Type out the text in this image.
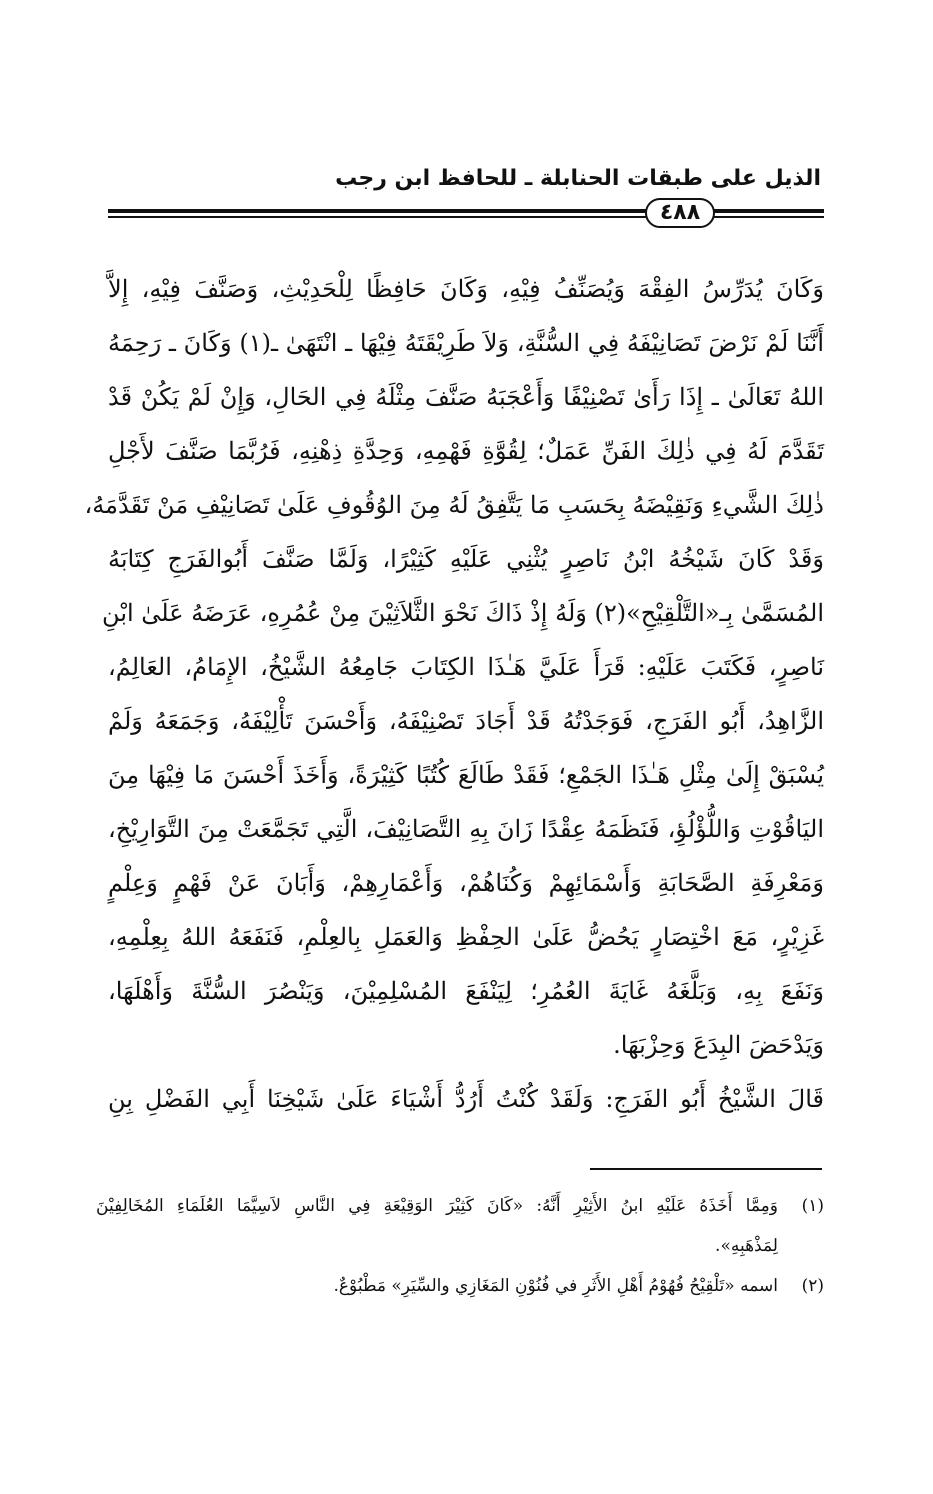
الذيل على طبقات الحنابلة ـ للحافظ ابن رجب
٤٨٨
وَكَانَ يُدَرِّسُ الفِقْهَ وَيُصَنِّفُ فِيْهِ، وَكَانَ حَافِظًا لِلْحَدِيْثِ، وَصَنَّفَ فِيْهِ، إِلاَّ
أَنَّنَا لَمْ نَرْضَ تَصَانِيْفَهُ فِي السُّنَّةِ، وَلاَ طَرِيْقَتَهُ فِيْهَا ـ انْتَهَىٰ ـ(١) وَكَانَ ـ رَحِمَهُ
اللهُ تَعَالَىٰ ـ إِذَا رَأَىٰ تَصْنِيْفًا وَأَعْجَبَهُ صَنَّفَ مِثْلَهُ فِي الحَالِ، وَإِنْ لَمْ يَكُنْ قَدْ
تَقَدَّمَ لَهُ فِي ذٰلِكَ الفَنِّ عَمَلٌ؛ لِقُوَّةِ فَهْمِهِ، وَحِدَّةِ ذِهْنِهِ، فَرُبَّمَا صَنَّفَ لأَجْلِ
ذٰلِكَ الشَّيءِ وَنَقِيْضَهُ بِحَسَبِ مَا يَتَّفِقُ لَهُ مِنَ الوُقُوفِ عَلَىٰ تَصَانِيْفِ مَنْ تَقَدَّمَهُ،
وَقَدْ كَانَ شَيْخُهُ ابْنُ نَاصِرٍ يُثْنِي عَلَيْهِ كَثِيْرًا، وَلَمَّا صَنَّفَ أَبُوالفَرَجِ كِتَابَهُ
المُسَمَّىٰ بِـ«التَّلْقِيْحِ»(٢) وَلَهُ إِذْ ذَاكَ نَحْوَ الثَّلاَثِيْنَ مِنْ عُمُرِهِ، عَرَضَهُ عَلَىٰ ابْنِ
نَاصِرٍ، فَكَتَبَ عَلَيْهِ: قَرَأَ عَلَيَّ هَـٰذَا الكِتَابَ جَامِعُهُ الشَّيْخُ، الإِمَامُ، العَالِمُ،
الزَّاهِدُ، أَبُو الفَرَجِ، فَوَجَدْتُهُ قَدْ أَجَادَ تَصْنِيْفَهُ، وَأَحْسَنَ تَأْلِيْفَهُ، وَجَمَعَهُ وَلَمْ
يُسْبَقْ إِلَىٰ مِثْلِ هَـٰذَا الجَمْعِ؛ فَقَدْ طَالَعَ كُتُبًا كَثِيْرَةً، وَأَخَذَ أَحْسَنَ مَا فِيْهَا مِنَ
اليَاقُوْتِ وَاللُّؤْلُؤِ، فَنَظَمَهُ عِقْدًا زَانَ بِهِ التَّصَانِيْفَ، الَّتِي تَجَمَّعَتْ مِنَ التَّوَارِيْخِ،
وَمَعْرِفَةِ الصَّحَابَةِ وَأَسْمَائِهِمْ وَكُنَاهُمْ، وَأَعْمَارِهِمْ، وَأَبَانَ عَنْ فَهْمٍ وَعِلْمٍ
غَزِيْرٍ، مَعَ اخْتِصَارٍ يَحُضُّ عَلَىٰ الحِفْظِ وَالعَمَلِ بِالعِلْمِ، فَنَفَعَهُ اللهُ بِعِلْمِهِ،
وَنَفَعَ بِهِ، وَبَلَّغَهُ غَايَةَ العُمُرِ؛ لِيَنْفَعَ المُسْلِمِيْنَ، وَيَنْصُرَ السُّنَّةَ وَأَهْلَهَا،
وَيَدْحَضَ البِدَعَ وَحِزْبَهَا.
قَالَ الشَّيْخُ أَبُو الفَرَجِ: وَلَقَدْ كُنْتُ أَرُدُّ أَشْيَاءَ عَلَىٰ شَيْخِنَا أَبِي الفَضْلِ بِنِ
(١)
وَمِمَّا أَخَذَهُ عَلَيْهِ ابنُ الأَثِيْرِ أَنَّهُ: «كَانَ كَثِيْرَ الوَقِيْعَةِ فِي النَّاسِ لاَسِيَّمَا العُلَمَاءِ المُخَالِفِيْنَ
لِمَذْهَبِهِ».
(٢)
اسمه «تَلْقِيْحُ فُهُوْمُ أَهْلِ الأَثَرِ في فُنُوْنِ المَغَازِي والسِّيَرِ» مَطْبُوْعٌ.
